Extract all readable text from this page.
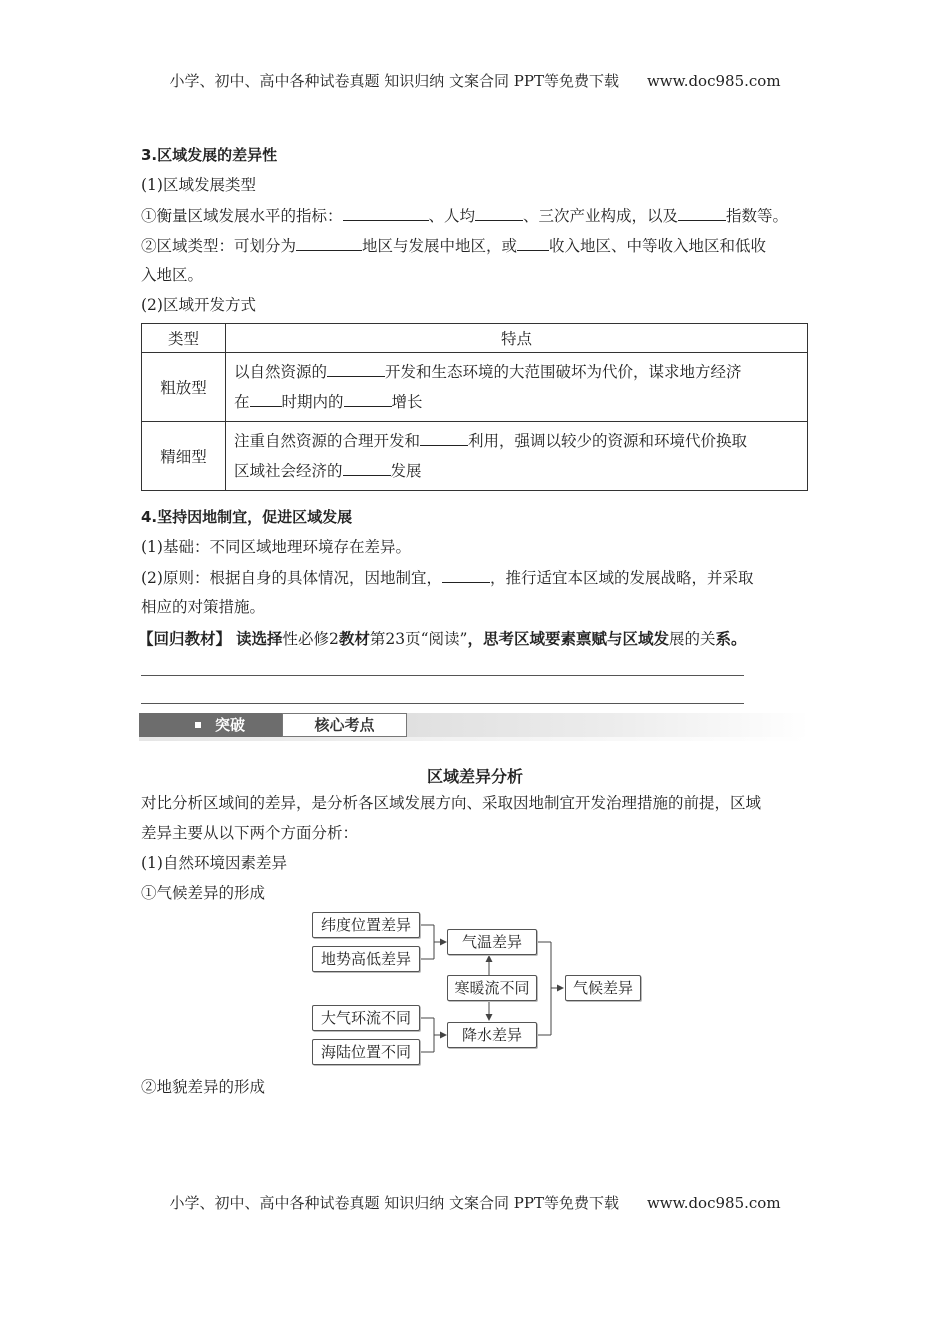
小学、初中、高中各种试卷真题 知识归纳 文案合同 PPT等免费下载 www.doc985.com
小学、初中、高中各种试卷真题 知识归纳 文案合同 PPT等免费下载 www.doc985.com
3.区域发展的差异性
(1)区域发展类型
①衡量区域发展水平的指标：	、人均	、三次产业构成，以及	指数等。
②区域类型：可划分为	地区与发展中地区，或 收入地区、中等收入地区和低收
入地区。
(2)区域开发方式
类型	特点
粗放型	以自然资源的 开发和生态环境的大范围破坏为代价，谋求地方经济
在 时期内的 增长
精细型	注重自然资源的合理开发和 利用，强调以较少的资源和环境代价换取
区域社会经济的 发展
4.坚持因地制宜，促进区域发展
(1)基础：不同区域地理环境存在差异。
(2)原则：根据自身的具体情况，因地制宜，	，推行适宜本区域的发展战略，并采取
相应的对策措施。
【回归教材】 读选择性必修2教材第23页“阅读”，思考区域要素禀赋与区域发展的关系。
突破	核心考点
区域差异分析
对比分析区域间的差异，是分析各区域发展方向、采取因地制宜开发治理措施的前提，区域
差异主要从以下两个方面分析：
(1)自然环境因素差异
①气候差异的形成
纬度位置差异
地势高低差异
气温差异
寒暖流不同	气候差异
大气环流不同
海陆位置不同
降水差异
②地貌差异的形成
